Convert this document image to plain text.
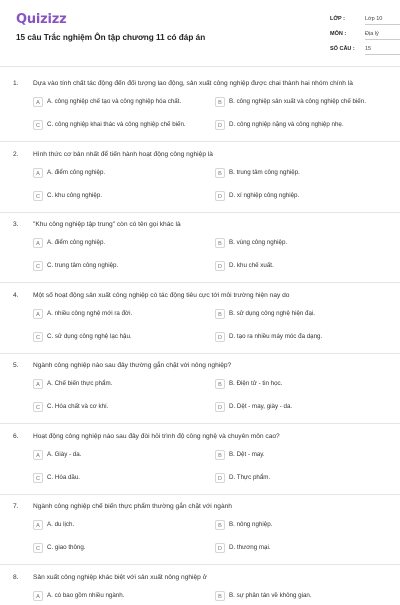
Quizizz
15 câu Trắc nghiệm Ôn tập chương 11 có đáp án
LỚP :	Lớp 10
MÔN :	Địa lý
SỐ CÂU :	15
1. Dựa vào tính chất tác động đến đối tượng lao động, sản xuất công nghiệp được chai thành hai nhóm chính là
A	A. công nghiệp chế tạo và công nghiệp hóa chất.	B	B. công nghiệp sản xuất và công nghiệp chế biến.
C	C. công nghiệp khai thác và công nghiệp chế biến.	D	D. công nghiệp nặng và công nghiệp nhẹ.
2. Hình thức cơ bản nhất để tiến hành hoạt động công nghiệp là
A	A. điểm công nghiệp.	B	B. trung tâm công nghiệp.
C	C. khu công nghiệp.	D	D. xí nghiệp công nghiệp.
3. "Khu công nghiệp tập trung" còn có tên gọi khác là
A	A. điểm công nghiệp.	B	B. vùng công nghiệp.
C	C. trung tâm công nghiệp.	D	D. khu chế xuất.
4. Một số hoạt động sản xuất công nghiệp có tác động tiêu cực tới môi trường hiện nay do
A	A. nhiều công nghệ mới ra đời.	B	B. sử dụng công nghệ hiện đại.
C	C. sử dụng công nghệ lạc hậu.	D	D. tạo ra nhiều máy móc đa dạng.
5. Ngành công nghiệp nào sau đây thường gắn chặt với nông nghiệp?
A	A. Chế biến thực phẩm.	B	B. Điện tử - tin học.
C	C. Hóa chất và cơ khí.	D	D. Dệt - may, giày - da.
6. Hoạt động công nghiệp nào sau đây đòi hỏi trình độ công nghệ và chuyên môn cao?
A	A. Giày - da.	B	B. Dệt - may.
C	C. Hóa dầu.	D	D. Thực phẩm.
7. Ngành công nghiệp chế biến thực phẩm thường gắn chặt với ngành
A	A. du lịch.	B	B. nông nghiệp.
C	C. giao thông.	D	D. thương mại.
8. Sản xuất công nghiệp khác biệt với sản xuất nông nghiệp ở
A	A. có bao gồm nhiều ngành.	B	B. sự phân tán về không gian.
